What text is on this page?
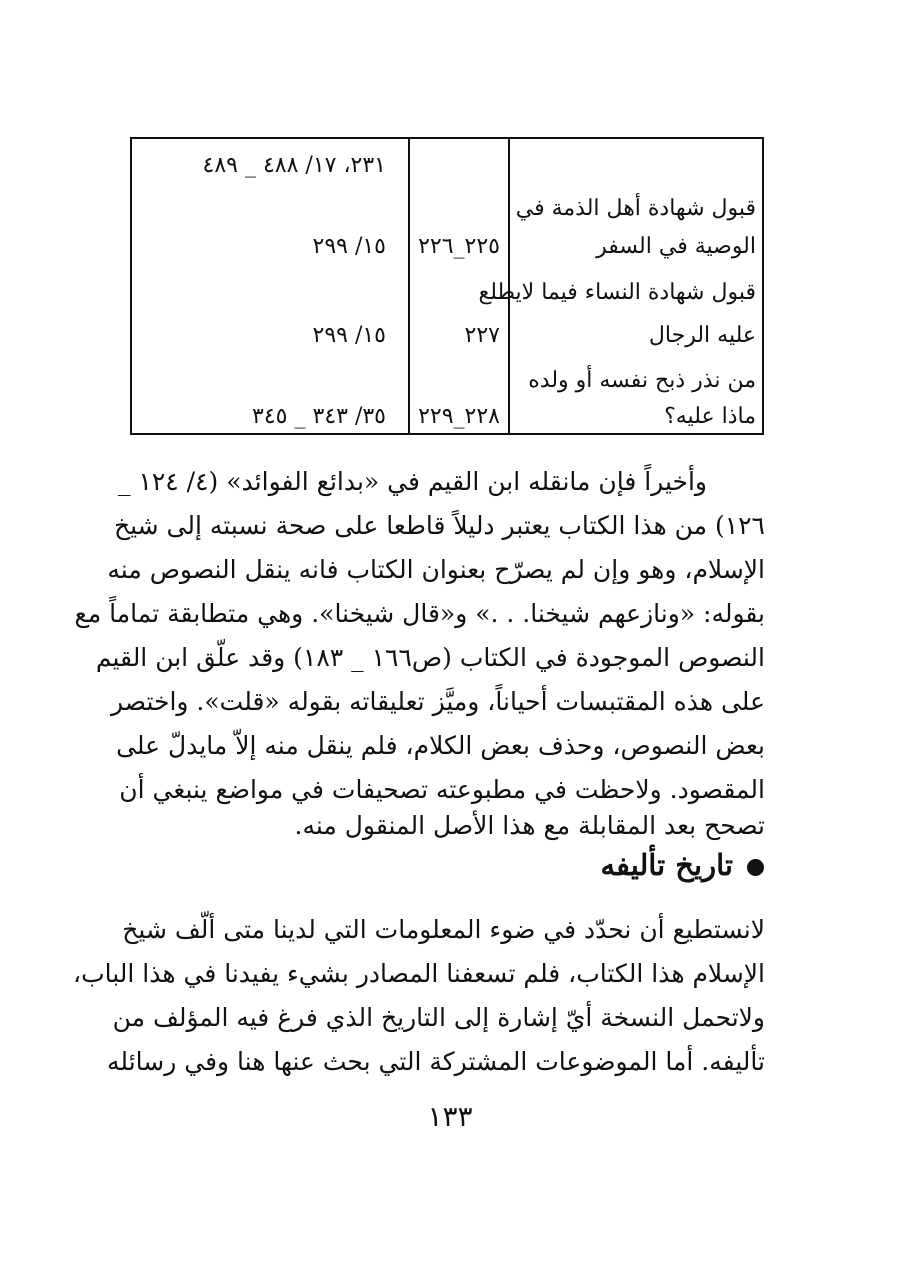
٢٣١، ١٧/ ٤٨٨ _ ٤٨٩
قبول شهادة أهل الذمة في
الوصية في السفر
٢٢٥_٢٢٦
١٥/ ٢٩٩
قبول شهادة النساء فيما لايطلع
عليه الرجال
٢٢٧
١٥/ ٢٩٩
من نذر ذبح نفسه أو ولده
ماذا عليه؟
٢٢٨_٢٢٩
٣٥/ ٣٤٣ _ ٣٤٥
وأخيراً فإن مانقله ابن القيم في «بدائع الفوائد» (٤/ ١٢٤ _
١٢٦) من هذا الكتاب يعتبر دليلاً قاطعا على صحة نسبته إلى شيخ
الإسلام، وهو وإن لم يصرّح بعنوان الكتاب فانه ينقل النصوص منه
بقوله: «ونازعهم شيخنا. . .» و«قال شيخنا». وهي متطابقة تماماً مع
النصوص الموجودة في الكتاب (ص١٦٦ _ ١٨٣) وقد علّق ابن القيم
على هذه المقتبسات أحياناً، وميَّز تعليقاته بقوله «قلت». واختصر
بعض النصوص، وحذف بعض الكلام، فلم ينقل منه إلاّ مايدلّ على
المقصود. ولاحظت في مطبوعته تصحيفات في مواضع ينبغي أن
تصحح بعد المقابلة مع هذا الأصل المنقول منه.
تاريخ تأليفه
لانستطيع أن نحدّد في ضوء المعلومات التي لدينا متى ألّف شيخ
الإسلام هذا الكتاب، فلم تسعفنا المصادر بشيء يفيدنا في هذا الباب،
ولاتحمل النسخة أيّ إشارة إلى التاريخ الذي فرغ فيه المؤلف من
تأليفه. أما الموضوعات المشتركة التي بحث عنها هنا وفي رسائله
١٣٣
